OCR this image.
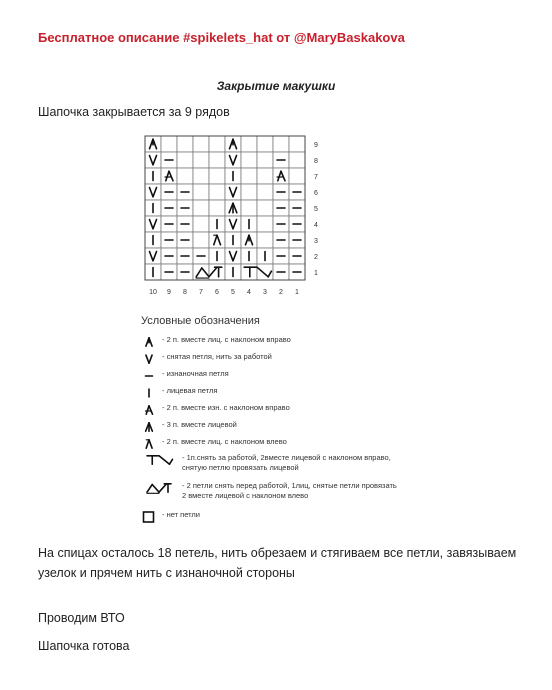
Бесплатное описание #spikelets_hat от @MaryBaskakova
Закрытие макушки
Шапочка закрывается за 9 рядов
9
8
7
6
5
4
3
2
1
10 9 8 7 6 5 4 3 2 1
Условные обозначения
- 2 п. вместе лиц. с наклоном вправо
- снятая петля, нить за работой
- изнаночная петля
- лицевая петля
- 2 п. вместе изн. с наклоном вправо
- 3 п. вместе лицевой
- 2 п. вместе лиц. с наклоном влево
- 1п.снять за работой, 2вместе лицевой с наклоном вправо, снятую петлю провязать лицевой
- 2 петли снять перед работой, 1лиц, снятые петли провязать 2 вместе лицевой с наклоном влево
- нет петли
На спицах осталось 18 петель, нить обрезаем и стягиваем все петли, завязываем узелок и прячем нить с изнаночной стороны
Проводим ВТО
Шапочка готова
